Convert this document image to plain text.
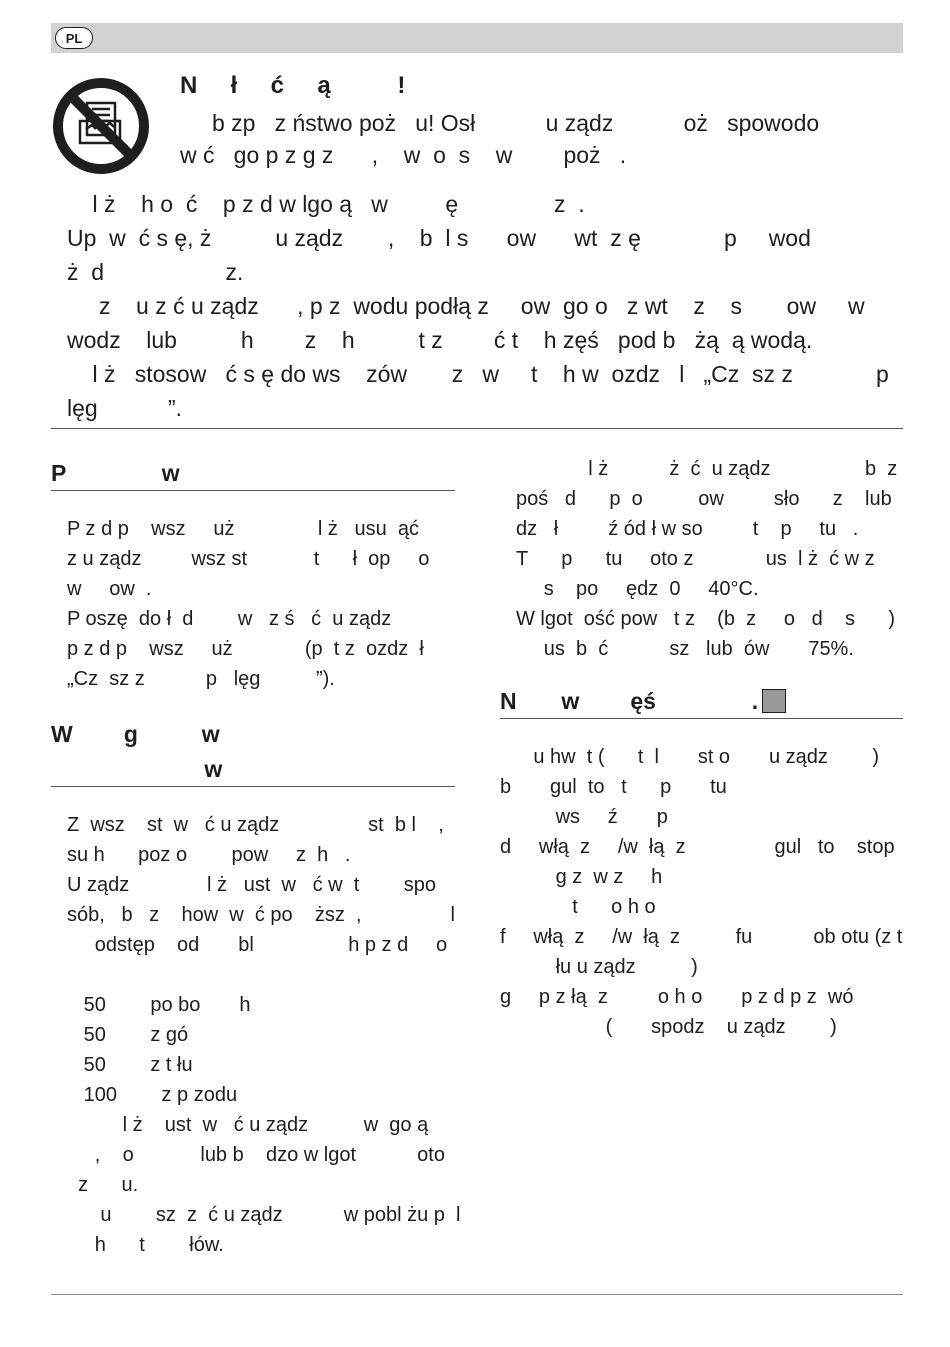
PL
N     ł     ć     ą          !
b zp   z ństwo poż   u! Osł           u ządz           oż   spowodo
w ć   go p z g z      ,    w  o  s    w        poż   .
l ż    h o  ć    p z d w lgo ą   w         ę               z  .
Up  w  ć s ę, ż          u ządz       ,    b  l s      ow      wt  z ę             p     wod
ż  d                   z.
z    u z ć u ządz      , p z  wodu podłą z     ow  go o   z wt    z    s       ow     w
wodz    lub          h        z    h          t z        ć t    h zęś   pod b   żą  ą wodą.
l ż   stosow   ć s ę do ws    zów       z   w     t    h w  ozdz   l   „Cz  sz z             p
lęg           ”.
P               w
P z d p    wsz     uż               l ż   usu  ąć
z u ządz         wsz st            t      ł  op     o
w     ow  .
P oszę  do ł  d        w   z ś   ć  u ządz
p z d p    wsz     uż             (p  t z  ozdz  ł
„Cz  sz z           p   lęg          ”).
W        g          w
w
Z  wsz    st  w   ć u ządz                st  b l    ,
su h      poz o        pow     z  h   .
U ządz              l ż   ust  w   ć w  t        spo
sób,   b   z    how  w  ć po    ższ  ,                l
odstęp    od       bl                 h p z d     o

50        po bo       h
50        z gó
50        z t łu
100        z p zodu
l ż    ust  w   ć u ządz          w  go ą
,    o            lub b    dzo w lgot           oto
z      u.
u        sz  z  ć u ządz           w pobl żu p  l
h      t        łów.
l ż           ż  ć  u ządz                 b  z
poś   d      p  o          ow         sło      z    lub
dz   ł         ź ód ł w so         t    p     tu   .
T      p      tu     oto z             us  l ż  ć w z
s    po     ędz  0     40°C.
W lgot  ość pow   t z    (b  z     o   d    s      )
us  b  ć           sz   lub  ów       75%.
N       w        ęś               .
u hw  t (      t  l       st o       u ządz        )
b       gul  to   t      p       tu
ws     ź       p
d     włą  z     /w  łą  z                gul   to    stop
g z  w z     h
t      o h o
f     włą  z     /w  łą  z          fu           ob otu (z t
łu u ządz          )
g     p z łą  z         o h o       p z d p z  wó
(       spodz    u ządz        )
